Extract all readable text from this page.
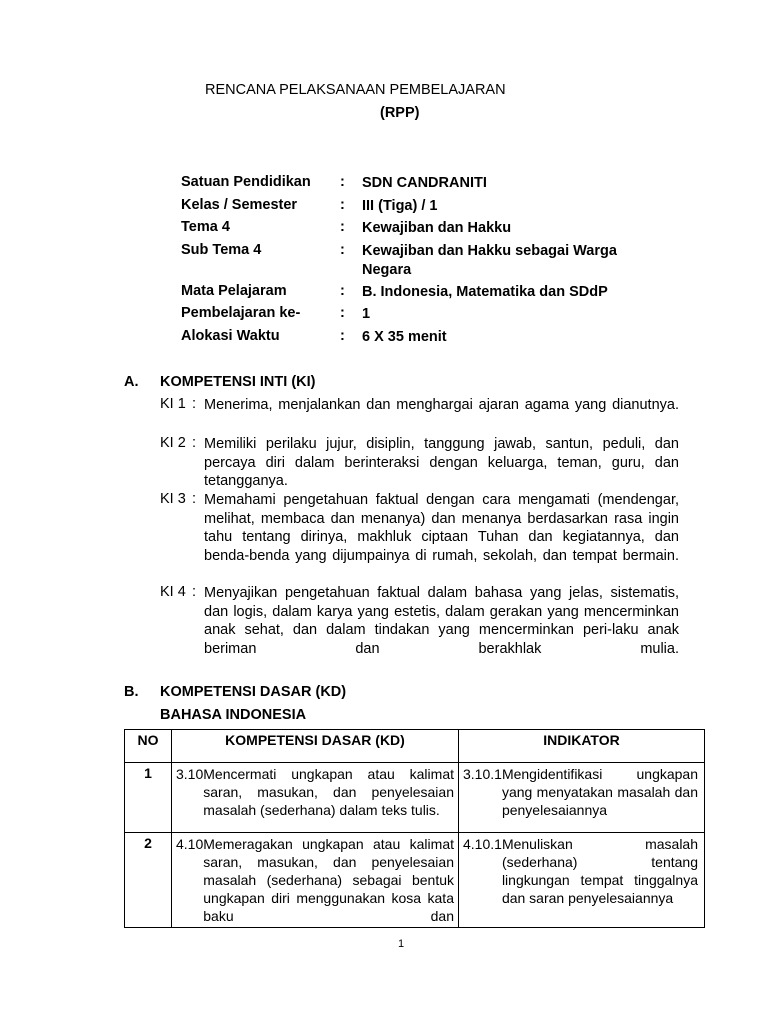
RENCANA PELAKSANAAN PEMBELAJARAN
(RPP)
Satuan Pendidikan : SDN CANDRANITI
Kelas / Semester	: III (Tiga) / 1
Tema 4	: Kewajiban dan Hakku
Sub Tema 4	: Kewajiban dan Hakku sebagai Warga Negara
Mata Pelajaram	: B. Indonesia, Matematika dan SDdP
Pembelajaran ke-	: 1
Alokasi Waktu	: 6 X 35 menit
A. KOMPETENSI INTI (KI)
KI 1 : Menerima, menjalankan dan menghargai ajaran agama yang dianutnya.
KI 2 : Memiliki perilaku jujur, disiplin, tanggung jawab, santun, peduli, dan percaya diri dalam berinteraksi dengan keluarga, teman, guru, dan tetangganya.
KI 3 : Memahami pengetahuan faktual dengan cara mengamati (mendengar, melihat, membaca dan menanya) dan menanya berdasarkan rasa ingin tahu tentang dirinya, makhluk ciptaan Tuhan dan kegiatannya, dan benda-benda yang dijumpainya di rumah, sekolah, dan tempat bermain.
KI 4 : Menyajikan pengetahuan faktual dalam bahasa yang jelas, sistematis, dan logis, dalam karya yang estetis, dalam gerakan yang mencerminkan anak sehat, dan dalam tindakan yang mencerminkan peri-laku anak beriman dan berakhlak mulia.
B. KOMPETENSI DASAR (KD)
BAHASA INDONESIA
NO	KOMPETENSI DASAR (KD)	INDIKATOR
1	3.10 Mencermati ungkapan atau kalimat saran, masukan, dan penyelesaian masalah (sederhana) dalam teks tulis.	3.10.1 Mengidentifikasi ungkapan yang menyatakan masalah dan penyelesaiannya

2	4.10 Memeragakan ungkapan atau kalimat saran, masukan, dan penyelesaian masalah (sederhana) sebagai bentuk ungkapan diri menggunakan kosa kata baku dan	4.10.1 Menuliskan masalah (sederhana) tentang lingkungan tempat tinggalnya dan saran penyelesaiannya
1
